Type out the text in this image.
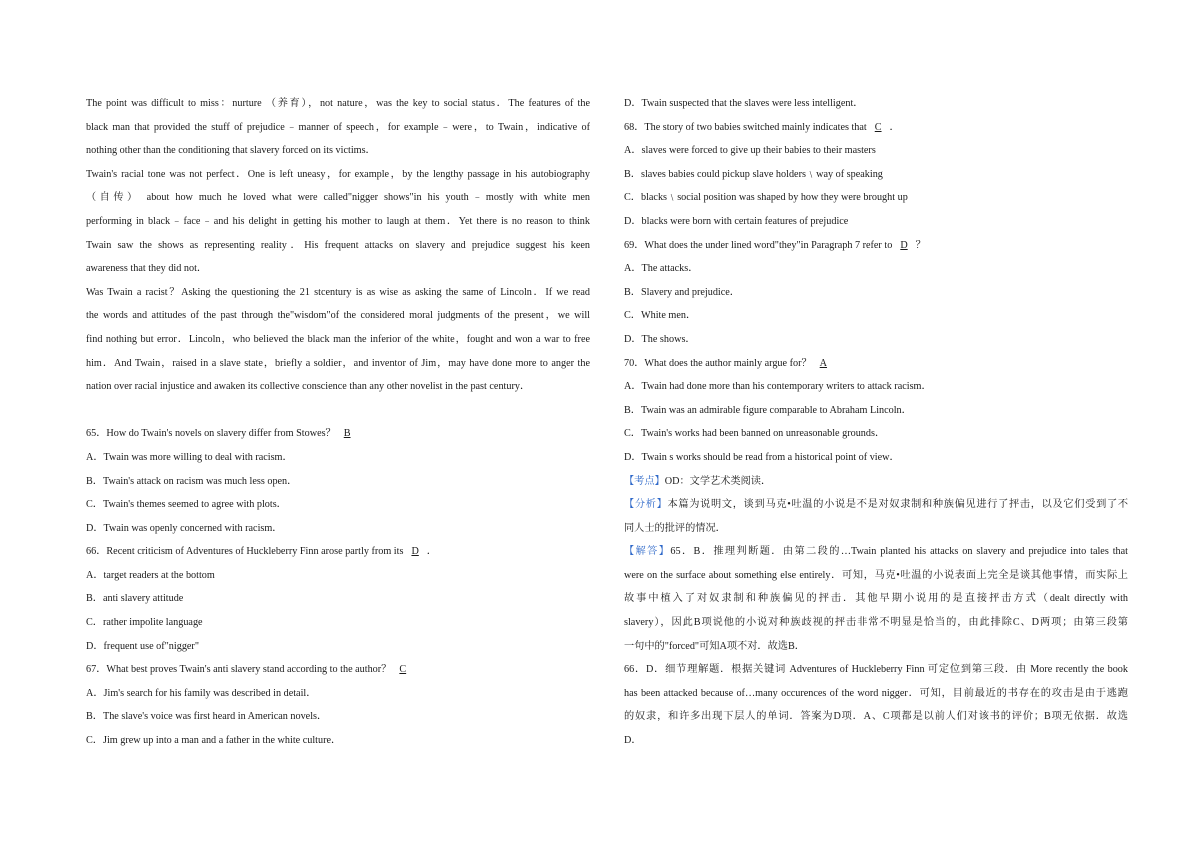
The point was difficult to miss：nurture （养育），not nature，was the key to social status．The features of the
black man that provided the stuff of prejudice﹣manner of speech，for example﹣were，to Twain，indicative of
nothing other than the conditioning that slavery forced on its victims．
Twain's racial tone was not perfect．One is left uneasy，for example，by the lengthy passage in his autobiography
（自传） about how much he loved what were called"nigger shows"in his youth﹣mostly with white men
performing in black﹣face﹣and his delight in getting his mother to laugh at them．Yet there is no reason to think
Twain saw the shows as representing reality．His frequent attacks on slavery and prejudice suggest his keen
awareness that they did not．
Was Twain a racist？Asking the questioning the 21 stcentury is as wise as asking the same of Lincoln．If we read
the words and attitudes of the past through the"wisdom"of the considered moral judgments of the present，we will
find nothing but error．Lincoln，who believed the black man the inferior of the white，fought and won a war to free
him．And Twain，raised in a slave state，briefly a soldier，and inventor of Jim，may have done more to anger the
nation over racial injustice and awaken its collective conscience than any other novelist in the past century．
65．How do Twain's novels on slavery differ from Stowes？ B
A．Twain was more willing to deal with racism．
B．Twain's attack on racism was much less open．
C．Twain's themes seemed to agree with plots．
D．Twain was openly concerned with racism．
66．Recent criticism of Adventures of Huckleberry Finn arose partly from its D ．
A．target readers at the bottom
B．anti slavery attitude
C．rather impolite language
D．frequent use of"nigger"
67．What best proves Twain's anti slavery stand according to the author？ C
A．Jim's search for his family was described in detail．
B．The slave's voice was first heard in American novels．
C．Jim grew up into a man and a father in the white culture．
D．Twain suspected that the slaves were less intelligent．
68．The story of two babies switched mainly indicates that C ．
A．slaves were forced to give up their babies to their masters
B．slaves babies could pickup slave holders﹨way of speaking
C．blacks﹨social position was shaped by how they were brought up
D．blacks were born with certain features of prejudice
69．What does the under lined word"they"in Paragraph 7 refer to D ？
A．The attacks．
B．Slavery and prejudice．
C．White men．
D．The shows．
70．What does the author mainly argue for？ A
A．Twain had done more than his contemporary writers to attack racism．
B．Twain was an admirable figure comparable to Abraham Lincoln．
C．Twain's works had been banned on unreasonable grounds．
D．Twain s works should be read from a historical point of view．
【考点】OD：文学艺术类阅读．
【分析】本篇为说明文，谈到马克•吐温的小说是不是对奴隶制和种族偏见进行了抨击，以及它们受到了不
同人士的批评的情况．
【解答】65．B．推理判断题．由第二段的…Twain planted his attacks on slavery and prejudice into tales that
were on the surface about something else entirely．可知，马克•吐温的小说表面上完全是谈其他事情，而实际上
故事中植入了对奴隶制和种族偏见的抨击．其他早期小说用的是直接抨击方式（dealt directly with
slavery），因此B项说他的小说对种族歧视的抨击非常不明显是恰当的，由此排除C、D两项；由第三段第
一句中的"forced"可知A项不对．故选B．
66．D．细节理解题．根据关键词 Adventures of Huckleberry Finn 可定位到第三段．由 More recently the book
has been attacked because of…many occurences of the word nigger．可知，目前最近的书存在的攻击是由于逃跑
的奴隶，和许多出现下层人的单词．答案为D项．A、C项都是以前人们对该书的评价；B项无依据．故选
D．
